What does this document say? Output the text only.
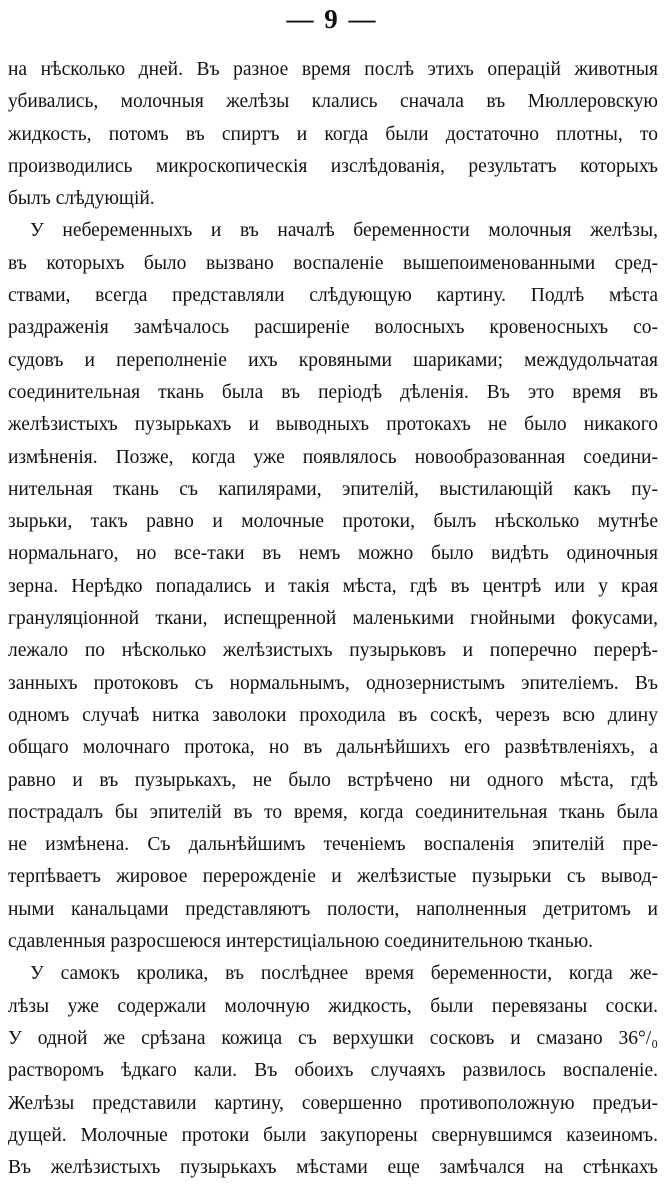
— 9 —
на нѣсколько дней. Въ разное время послѣ этихъ операцій животныя
убивались, молочныя желѣзы клались сначала въ Мюллеровскую
жидкость, потомъ въ спиртъ и когда были достаточно плотны, то
производились микроскопическія изслѣдованія, результатъ которыхъ
былъ слѣдующій.
У небеременныхъ и въ началѣ беременности молочныя желѣзы,
въ которыхъ было вызвано воспаленіе вышепоименованными сред-
ствами, всегда представляли слѣдующую картину. Подлѣ мѣста
раздраженія замѣчалось расширеніе волосныхъ кровеносныхъ со-
судовъ и переполненіе ихъ кровяными шариками; междудольчатая
соединительная ткань была въ періодѣ дѣленія. Въ это время въ
желѣзистыхъ пузырькахъ и выводныхъ протокахъ не было никакого
измѣненія. Позже, когда уже появлялось новообразованная соедини-
нительная ткань съ капилярами, эпителій, выстилающій какъ пу-
зырьки, такъ равно и молочные протоки, былъ нѣсколько мутнѣе
нормальнаго, но все-таки въ немъ можно было видѣть одиночныя
зерна. Нерѣдко попадались и такія мѣста, гдѣ въ центрѣ или у края
грануляціонной ткани, испещренной маленькими гнойными фокусами,
лежало по нѣсколько желѣзистыхъ пузырьковъ и поперечно перерѣ-
занныхъ протоковъ съ нормальнымъ, однозернистымъ эпителіемъ. Въ
одномъ случаѣ нитка заволоки проходила въ соскѣ, черезъ всю длину
общаго молочнаго протока, но въ дальнѣйшихъ его развѣтвленіяхъ, а
равно и въ пузырькахъ, не было встрѣчено ни одного мѣста, гдѣ
пострадалъ бы эпителій въ то время, когда соединительная ткань была
не измѣнена. Съ дальнѣйшимъ теченіемъ воспаленія эпителій пре-
терпѣваетъ жировое перерожденіе и желѣзистые пузырьки съ вывод-
ными канальцами представляютъ полости, наполненныя детритомъ и
сдавленныя разросшеюся интерстиціальною соединительною тканью.
У самокъ кролика, въ послѣднее время беременности, когда же-
лѣзы уже содержали молочную жидкость, были перевязаны соски.
У одной же срѣзана кожица съ верхушки сосковъ и смазано 36°/₀
растворомъ ѣдкаго кали. Въ обоихъ случаяхъ развилось воспаленіе.
Желѣзы представили картину, совершенно противоположную предъи-
дущей. Молочные протоки были закупорены свернувшимся казеиномъ.
Въ желѣзистыхъ пузырькахъ мѣстами еще замѣчался на стѣнкахъ
